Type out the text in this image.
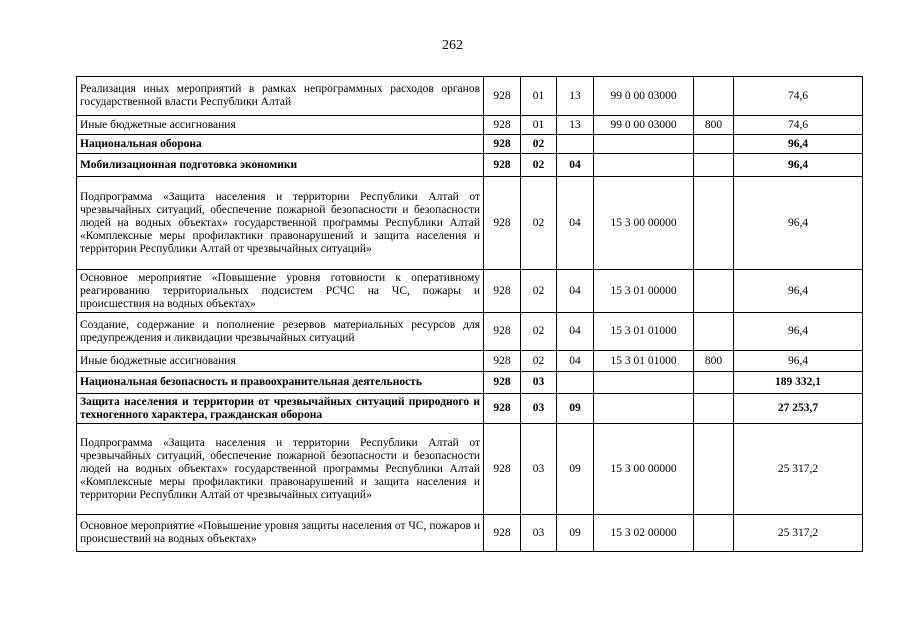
262
Реализация иных мероприятий в рамках непрограммных расходов органов государственной власти Республики Алтай	928	01	13	99 0 00 03000		74,6
Иные бюджетные ассигнования	928	01	13	99 0 00 03000	800	74,6
Национальная оборона	928	02				96,4
Мобилизационная подготовка экономики	928	02	04			96,4
Подпрограмма «Защита населения и территории Республики Алтай от чрезвычайных ситуаций, обеспечение пожарной безопасности и безопасности людей на водных объектах» государственной программы Республики Алтай «Комплексные меры профилактики правонарушений и защита населения и территории Республики Алтай от чрезвычайных ситуаций»	928	02	04	15 3 00 00000		96,4
Основное мероприятие «Повышение уровня готовности к оперативному реагированию территориальных подсистем РСЧС на ЧС, пожары и происшествия на водных объектах»	928	02	04	15 3 01 00000		96,4
Создание, содержание и пополнение резервов материальных ресурсов для предупреждения и ликвидации чрезвычайных ситуаций	928	02	04	15 3 01 01000		96,4
Иные бюджетные ассигнования	928	02	04	15 3 01 01000	800	96,4
Национальная безопасность и правоохранительная деятельность	928	03				189 332,1
Защита населения и территории от чрезвычайных ситуаций природного и техногенного характера, гражданская оборона	928	03	09			27 253,7
Подпрограмма «Защита населения и территории Республики Алтай от чрезвычайных ситуаций, обеспечение пожарной безопасности и безопасности людей на водных объектах» государственной программы Республики Алтай «Комплексные меры профилактики правонарушений и защита населения и территории Республики Алтай от чрезвычайных ситуаций»	928	03	09	15 3 00 00000		25 317,2
Основное мероприятие «Повышение уровня защиты населения от ЧС, пожаров и происшествий на водных объектах»	928	03	09	15 3 02 00000		25 317,2
